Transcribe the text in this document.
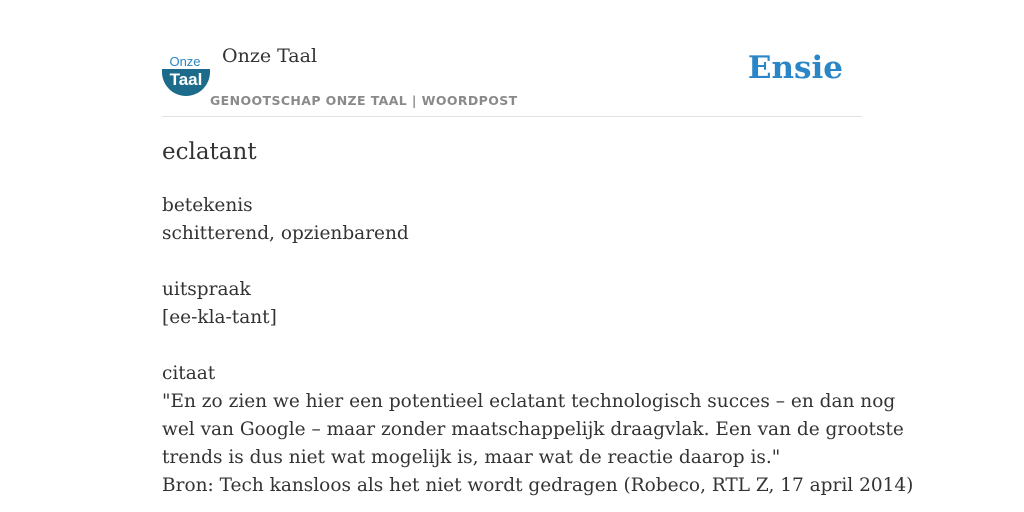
Onze
Taal
Onze Taal
GENOOTSCHAP ONZE TAAL | WOORDPOST
Ensie
eclatant
betekenis
schitterend, opzienbarend
uitspraak
[ee-kla-tant]
citaat
"En zo zien we hier een potentieel eclatant technologisch succes – en dan nog
wel van Google – maar zonder maatschappelijk draagvlak. Een van de grootste
trends is dus niet wat mogelijk is, maar wat de reactie daarop is."
Bron: Tech kansloos als het niet wordt gedragen (Robeco, RTL Z, 17 april 2014)
